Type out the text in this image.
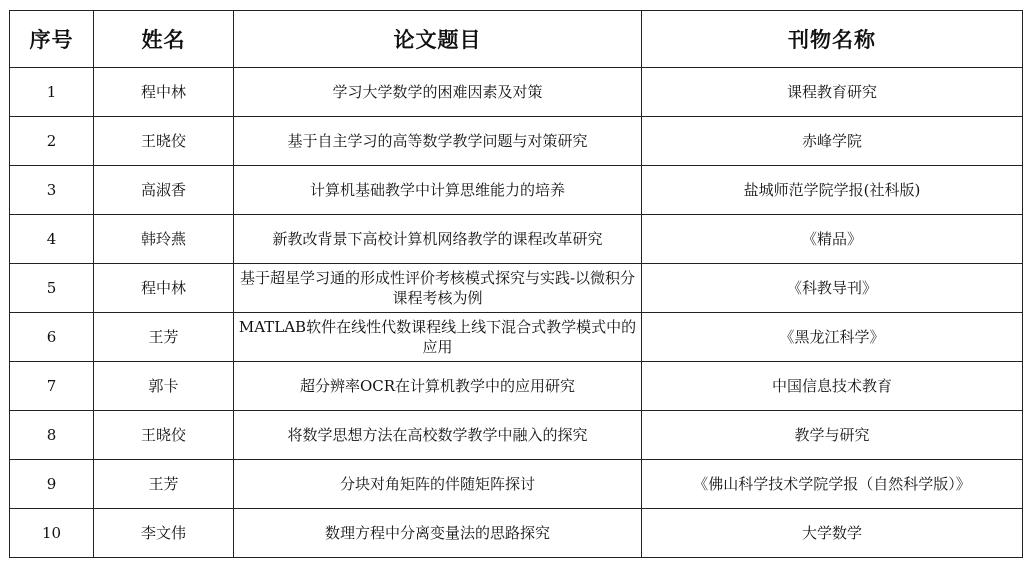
序号	姓名	论文题目	刊物名称
1	程中林	学习大学数学的困难因素及对策	课程教育研究
2	王晓佼	基于自主学习的高等数学教学问题与对策研究	赤峰学院
3	高淑香	计算机基础教学中计算思维能力的培养	盐城师范学院学报(社科版)
4	韩玲燕	新教改背景下高校计算机网络教学的课程改革研究	《精品》
5	程中林	基于超星学习通的形成性评价考核模式探究与实践-以微积分课程考核为例	《科教导刊》
6	王芳	MATLAB软件在线性代数课程线上线下混合式教学模式中的应用	《黑龙江科学》
7	郭卡	超分辨率OCR在计算机教学中的应用研究	中国信息技术教育
8	王晓佼	将数学思想方法在高校数学教学中融入的探究	教学与研究
9	王芳	分块对角矩阵的伴随矩阵探讨	《佛山科学技术学院学报（自然科学版）》
10	李文伟	数理方程中分离变量法的思路探究	大学数学
